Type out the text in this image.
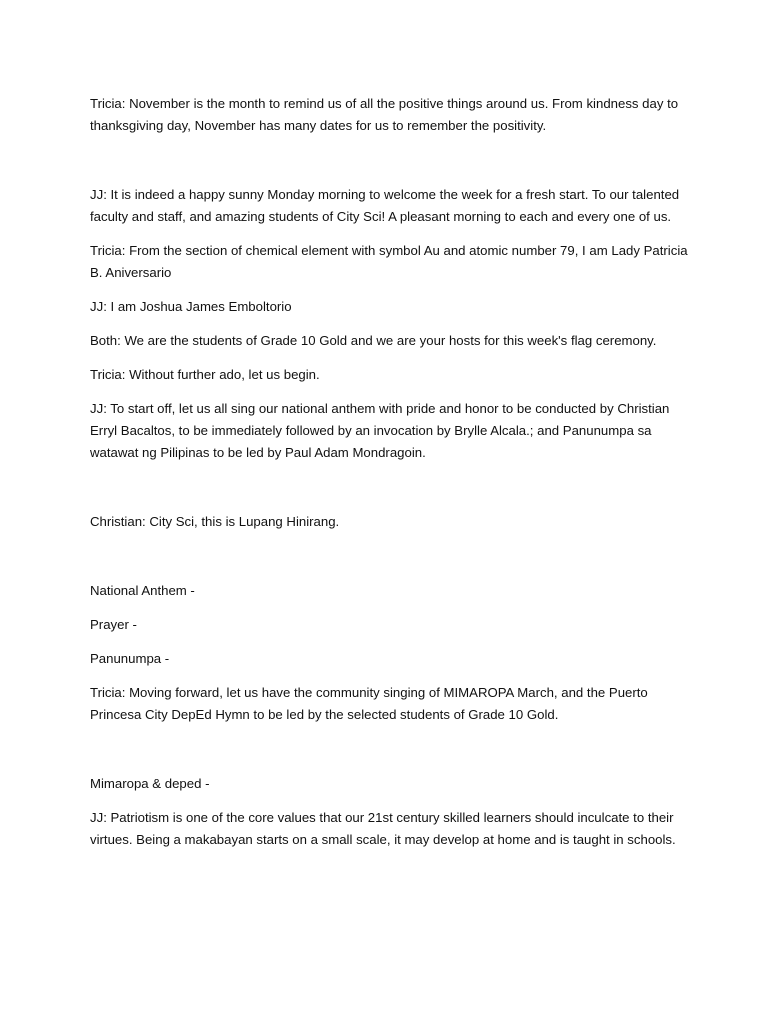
Tricia: November is the month to remind us of all the positive things around us. From kindness day to thanksgiving day, November has many dates for us to remember the positivity.

JJ: It is indeed a happy sunny Monday morning to welcome the week for a fresh start. To our talented faculty and staff, and amazing students of City Sci! A pleasant morning to each and every one of us.

Tricia: From the section of chemical element with symbol Au and atomic number 79, I am Lady Patricia B. Aniversario

JJ: I am Joshua James Emboltorio

Both: We are the students of Grade 10 Gold and we are your hosts for this week's flag ceremony.

Tricia: Without further ado, let us begin.

JJ: To start off, let us all sing our national anthem with pride and honor to be conducted by Christian Erryl Bacaltos, to be immediately followed by an invocation by Brylle Alcala.; and Panunumpa sa watawat ng Pilipinas to be led by Paul Adam Mondragoin.

Christian: City Sci, this is Lupang Hinirang.

National Anthem -

Prayer -

Panunumpa -

Tricia: Moving forward, let us have the community singing of MIMAROPA March, and the Puerto Princesa City DepEd Hymn to be led by the selected students of Grade 10 Gold.

Mimaropa & deped -

JJ: Patriotism is one of the core values that our 21st century skilled learners should inculcate to their virtues. Being a makabayan starts on a small scale, it may develop at home and is taught in schools.
